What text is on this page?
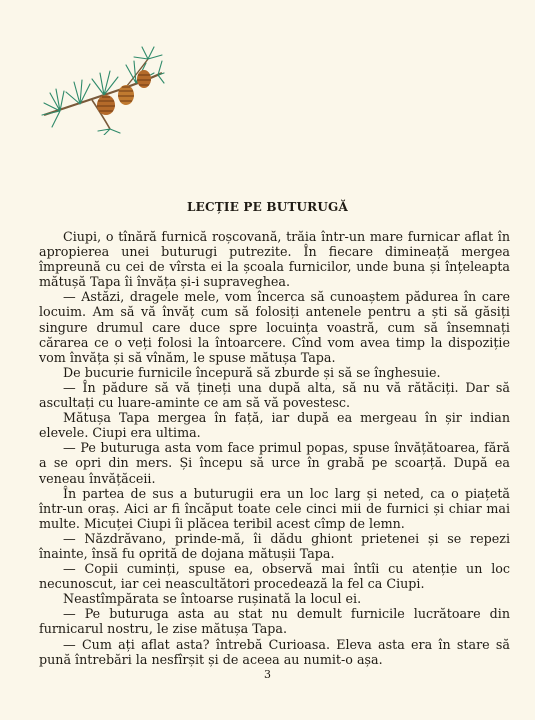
LECȚIE PE BUTURUGĂ

Ciupi, o tînără furnică roșcovană, trăia într-un mare furnicar aflat în apropierea unei buturugi putrezite. În fiecare dimineață mergea împreună cu cei de vîrsta ei la școala furnicilor, unde buna și înțeleapta mătușă Tapa îi învăța și-i supraveghea.

— Astăzi, dragele mele, vom încerca să cunoaștem pădurea în care locuim. Am să vă învăț cum să folosiți antenele pentru a ști să găsiți singure drumul care duce spre locuința voastră, cum să însemnați cărarea ce o veți folosi la întoarcere. Cînd vom avea timp la dispoziție vom învăța și să vînăm, le spuse mătușa Tapa.

De bucurie furnicile începură să zburde și să se înghesuie.

— În pădure să vă țineți una după alta, să nu vă rătăciți. Dar să ascultați cu luare-aminte ce am să vă povestesc.

Mătușa Tapa mergea în față, iar după ea mergeau în șir indian elevele. Ciupi era ultima.

— Pe buturuga asta vom face primul popas, spuse învățătoarea, fără a se opri din mers. Și începu să urce în grabă pe scoarță. După ea veneau învățăceii.

În partea de sus a buturugii era un loc larg și neted, ca o piațetă într-un oraș. Aici ar fi încăput toate cele cinci mii de furnici și chiar mai multe. Micuței Ciupi îi plăcea teribil acest cîmp de lemn.

— Năzdrăvano, prinde-mă, îi dădu ghiont prietenei și se repezi înainte, însă fu oprită de dojana mătușii Tapa.

— Copii cuminți, spuse ea, observă mai întîi cu atenție un loc necunoscut, iar cei neascultători procedează la fel ca Ciupi.

Neastîmpărata se întoarse rușinată la locul ei.

— Pe buturuga asta au stat nu demult furnicile lucrătoare din furnicarul nostru, le zise mătușa Tapa.

— Cum ați aflat asta? întrebă Curioasa. Eleva asta era în stare să pună întrebări la nesfîrșit și de aceea au numit-o așa.

3
